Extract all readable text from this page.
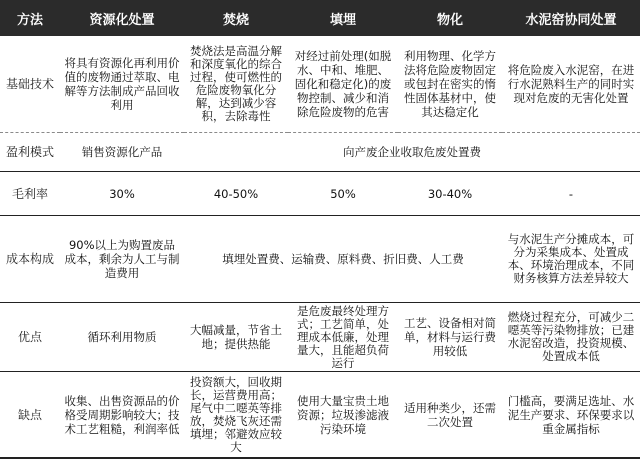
方法	资源化处置	焚烧	填埋	物化	水泥窑协同处置
基础技术	将具有资源化再利用价值的废物通过萃取、电解等方法制成产品回收利用	焚烧法是高温分解和深度氧化的综合过程，使可燃性的危险废物氧化分解，达到减少容积，去除毒性	对经过前处理(如脱水、中和、堆肥、固化和稳定化)的废物控制、减少和消除危险废物的危害	利用物理、化学方法将危险废物固定或包封在密实的惰性固体基材中，使其达稳定化	将危险废入水泥窑，在进行水泥熟料生产的同时实现对危废的无害化处置
盈利模式	销售资源化产品	向产废企业收取危废处置费			
毛利率	30%	40-50%	50%	30-40%	-
成本构成	90%以上为购置废品成本，剩余为人工与制造费用	填埋处置费、运输费、原料费、折旧费、人工费			与水泥生产分摊成本，可分为采集成本、处置成本、环境治理成本，不同财务核算方法差异较大
优点	循环利用物质	大幅减量，节省土地；提供热能	是危废最终处理方式；工艺简单，处理成本低廉，处理量大，且能超负荷运行	工艺、设备相对简单，材料与运行费用较低	燃烧过程充分，可减少二噁英等污染物排放；已建水泥窑改造，投资规模、处置成本低
缺点	收集、出售资源品的价格受周期影响较大；技术工艺粗糙，利润率低	投资额大，回收期长，运营费用高；尾气中二噁英等排放，焚烧飞灰还需填埋；邻避效应较大	使用大量宝贵土地资源；垃圾渗滤液污染环境	适用种类少，还需二次处置	门槛高，要满足选址、水泥生产要求、环保要求以重金属指标
